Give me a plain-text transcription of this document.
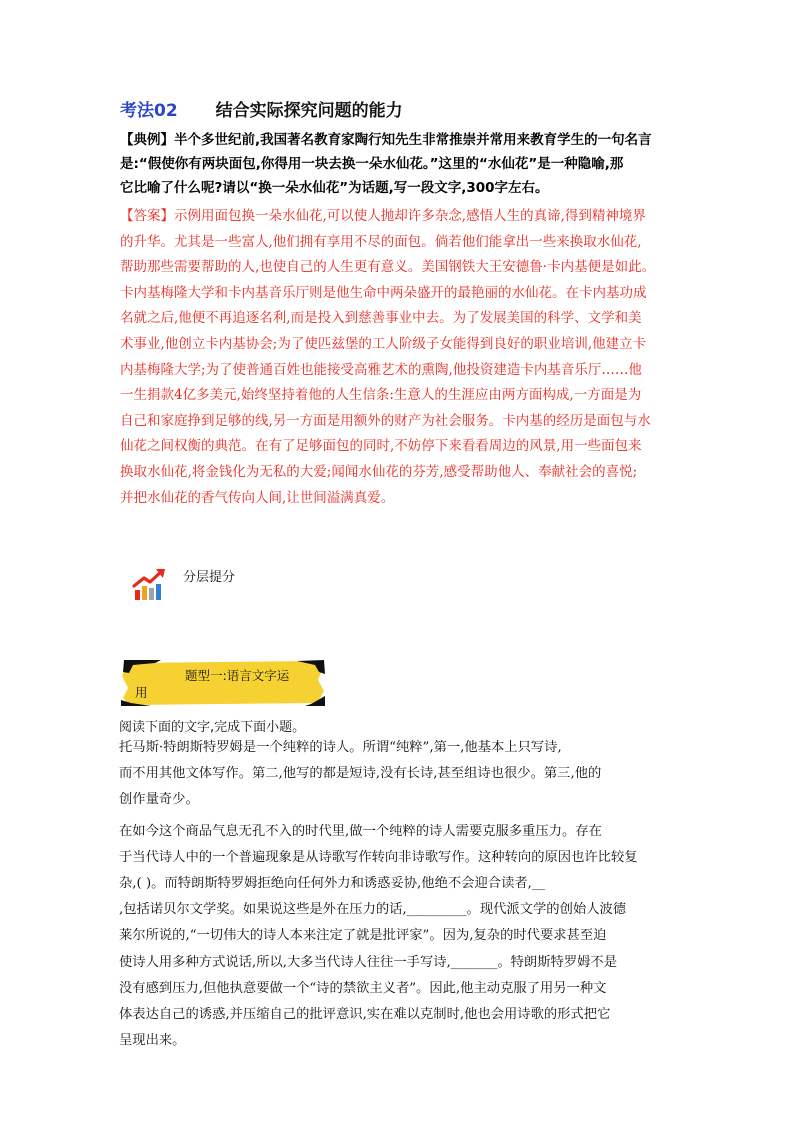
考法02 结合实际探究问题的能力

【典例】半个多世纪前,我国著名教育家陶行知先生非常推崇并常用来教育学生的一句名言

是:“假使你有两块面包,你得用一块去换一朵水仙花。”这里的“水仙花”是一种隐喻,那

它比喻了什么呢?请以“换一朵水仙花”为话题,写一段文字,300字左右。

【答案】示例用面包换一朵水仙花,可以使人抛却许多杂念,感悟人生的真谛,得到精神境界

的升华。尤其是一些富人,他们拥有享用不尽的面包。倘若他们能拿出一些来换取水仙花,

帮助那些需要帮助的人,也使自己的人生更有意义。美国钢铁大王安德鲁·卡内基便是如此。

卡内基梅隆大学和卡内基音乐厅则是他生命中两朵盛开的最艳丽的水仙花。在卡内基功成

名就之后,他便不再追逐名利,而是投入到慈善事业中去。为了发展美国的科学、文学和美

术事业,他创立卡内基协会;为了使匹兹堡的工人阶级子女能得到良好的职业培训,他建立卡

内基梅隆大学;为了使普通百姓也能接受高雅艺术的熏陶,他投资建造卡内基音乐厅……他

一生捐款4亿多美元,始终坚持着他的人生信条:生意人的生涯应由两方面构成,一方面是为

自己和家庭挣到足够的线,另一方面是用额外的财产为社会服务。卡内基的经历是面包与水

仙花之间权衡的典范。在有了足够面包的同时,不妨停下来看看周边的风景,用一些面包来

换取水仙花,将金钱化为无私的大爱;闻闻水仙花的芬芳,感受帮助他人、奉献社会的喜悦;

并把水仙花的香气传向人间,让世间溢满真爱。

分层提分
题型一:语言文字运
用
阅读下面的文字,完成下面小题。

托马斯·特朗斯特罗姆是一个纯粹的诗人。所谓“纯粹”,第一,他基本上只写诗,

而不用其他文体写作。第二,他写的都是短诗,没有长诗,甚至组诗也很少。第三,他的

创作量奇少。

在如今这个商品气息无孔不入的时代里,做一个纯粹的诗人需要克服多重压力。存在

于当代诗人中的一个普遍现象是从诗歌写作转向非诗歌写作。这种转向的原因也许比较复

杂,( )。而特朗斯特罗姆拒绝向任何外力和诱惑妥协,他绝不会迎合读者,__

,包括诺贝尔文学奖。如果说这些是外在压力的话,_________。现代派文学的创始人波德

莱尔所说的,“一切伟大的诗人本来注定了就是批评家”。因为,复杂的时代要求甚至迫

使诗人用多种方式说话,所以,大多当代诗人往往一手写诗,_______。特朗斯特罗姆不是

没有感到压力,但他执意要做一个“诗的禁欲主义者”。因此,他主动克服了用另一种文

体表达自己的诱惑,并压缩自己的批评意识,实在难以克制时,他也会用诗歌的形式把它

呈现出来。
